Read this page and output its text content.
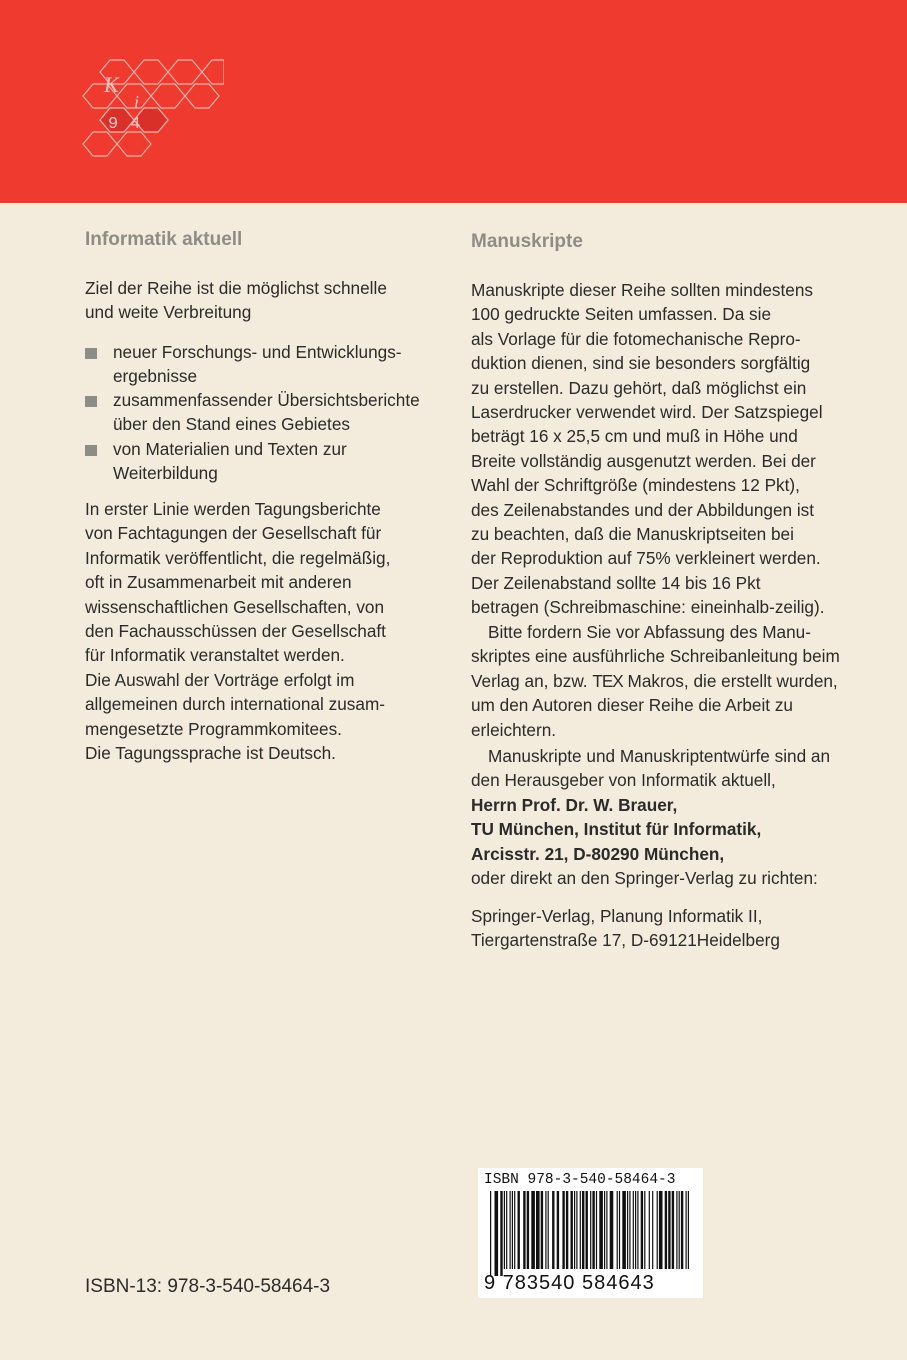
K
i
94
Informatik aktuell

Ziel der Reihe ist die möglichst schnelle
und weite Verbreitung

neuer Forschungs- und Entwicklungs-
ergebnisse
zusammenfassender Übersichtsberichte
über den Stand eines Gebietes
von Materialien und Texten zur
Weiterbildung

In erster Linie werden Tagungsberichte
von Fachtagungen der Gesellschaft für
Informatik veröffentlicht, die regelmäßig,
oft in Zusammenarbeit mit anderen
wissenschaftlichen Gesellschaften, von
den Fachausschüssen der Gesellschaft
für Informatik veranstaltet werden.
Die Auswahl der Vorträge erfolgt im
allgemeinen durch international zusam-
mengesetzte Programmkomitees.
Die Tagungssprache ist Deutsch.

Manuskripte

Manuskripte dieser Reihe sollten mindestens
100 gedruckte Seiten umfassen. Da sie
als Vorlage für die fotomechanische Repro-
duktion dienen, sind sie besonders sorgfältig
zu erstellen. Dazu gehört, daß möglichst ein
Laserdrucker verwendet wird. Der Satzspiegel
beträgt 16 x 25,5 cm und muß in Höhe und
Breite vollständig ausgenutzt werden. Bei der
Wahl der Schriftgröße (mindestens 12 Pkt),
des Zeilenabstandes und der Abbildungen ist
zu beachten, daß die Manuskriptseiten bei
der Reproduktion auf 75% verkleinert werden.
Der Zeilenabstand sollte 14 bis 16 Pkt
betragen (Schreibmaschine: eineinhalb-zeilig).

Bitte fordern Sie vor Abfassung des Manu-
skriptes eine ausführliche Schreibanleitung beim
Verlag an, bzw. TEX Makros, die erstellt wurden,
um den Autoren dieser Reihe die Arbeit zu
erleichtern.

Manuskripte und Manuskriptentwürfe sind an
den Herausgeber von Informatik aktuell,
Herrn Prof. Dr. W. Brauer,
TU München, Institut für Informatik,
Arcisstr. 21, D-80290 München,
oder direkt an den Springer-Verlag zu richten:

Springer-Verlag, Planung Informatik II,
Tiergartenstraße 17, D-69121Heidelberg

ISBN 978-3-540-58464-3
9 783540 584643
ISBN-13: 978-3-540-58464-3
